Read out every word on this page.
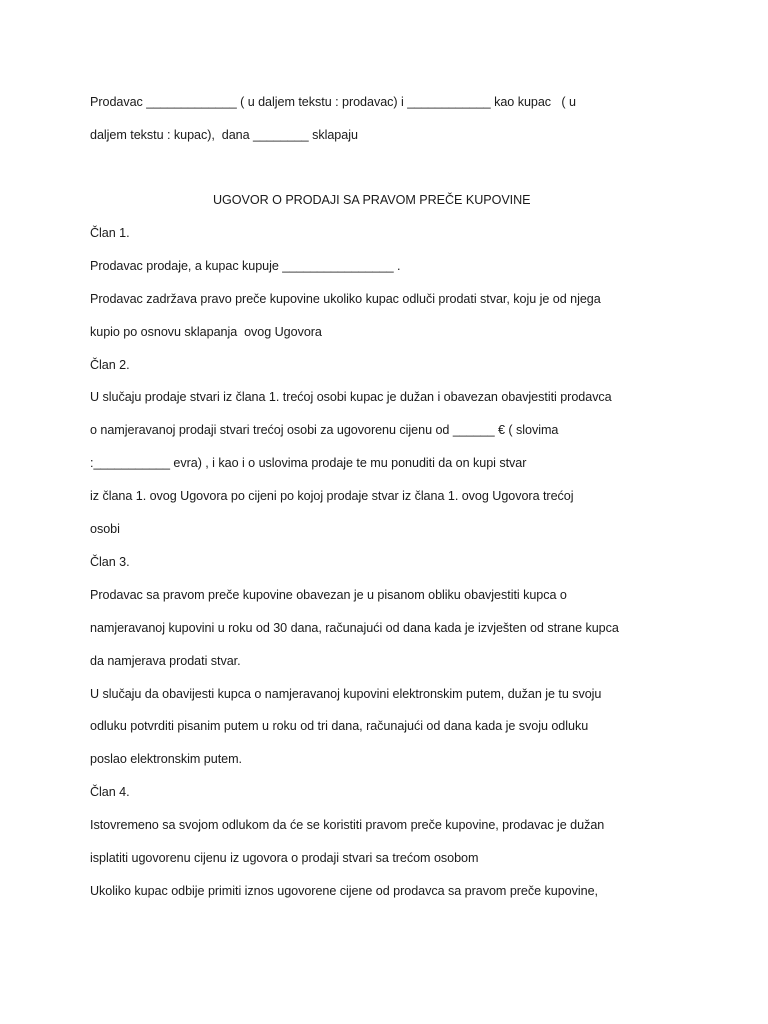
Prodavac _____________ ( u daljem tekstu : prodavac) i ____________ kao kupac   ( u
daljem tekstu : kupac),  dana ________ sklapaju
UGOVOR O PRODAJI SA PRAVOM PREČE KUPOVINE
Član 1.
Prodavac prodaje, a kupac kupuje ________________ .
Prodavac zadržava pravo preče kupovine ukoliko kupac odluči prodati stvar, koju je od njega
kupio po osnovu sklapanja  ovog Ugovora
Član 2.
U slučaju prodaje stvari iz člana 1. trećoj osobi kupac je dužan i obavezan obavjestiti prodavca
o namjeravanoj prodaji stvari trećoj osobi za ugovorenu cijenu od ______ € ( slovima
:___________ evra) , i kao i o uslovima prodaje te mu ponuditi da on kupi stvar
iz člana 1. ovog Ugovora po cijeni po kojoj prodaje stvar iz člana 1. ovog Ugovora trećoj
osobi
Član 3.
Prodavac sa pravom preče kupovine obavezan je u pisanom obliku obavjestiti kupca o
namjeravanoj kupovini u roku od 30 dana, računajući od dana kada je izvješten od strane kupca
da namjerava prodati stvar.
U slučaju da obavijesti kupca o namjeravanoj kupovini elektronskim putem, dužan je tu svoju
odluku potvrditi pisanim putem u roku od tri dana, računajući od dana kada je svoju odluku
poslao elektronskim putem.
Član 4.
Istovremeno sa svojom odlukom da će se koristiti pravom preče kupovine, prodavac je dužan
isplatiti ugovorenu cijenu iz ugovora o prodaji stvari sa trećom osobom
Ukoliko kupac odbije primiti iznos ugovorene cijene od prodavca sa pravom preče kupovine,
